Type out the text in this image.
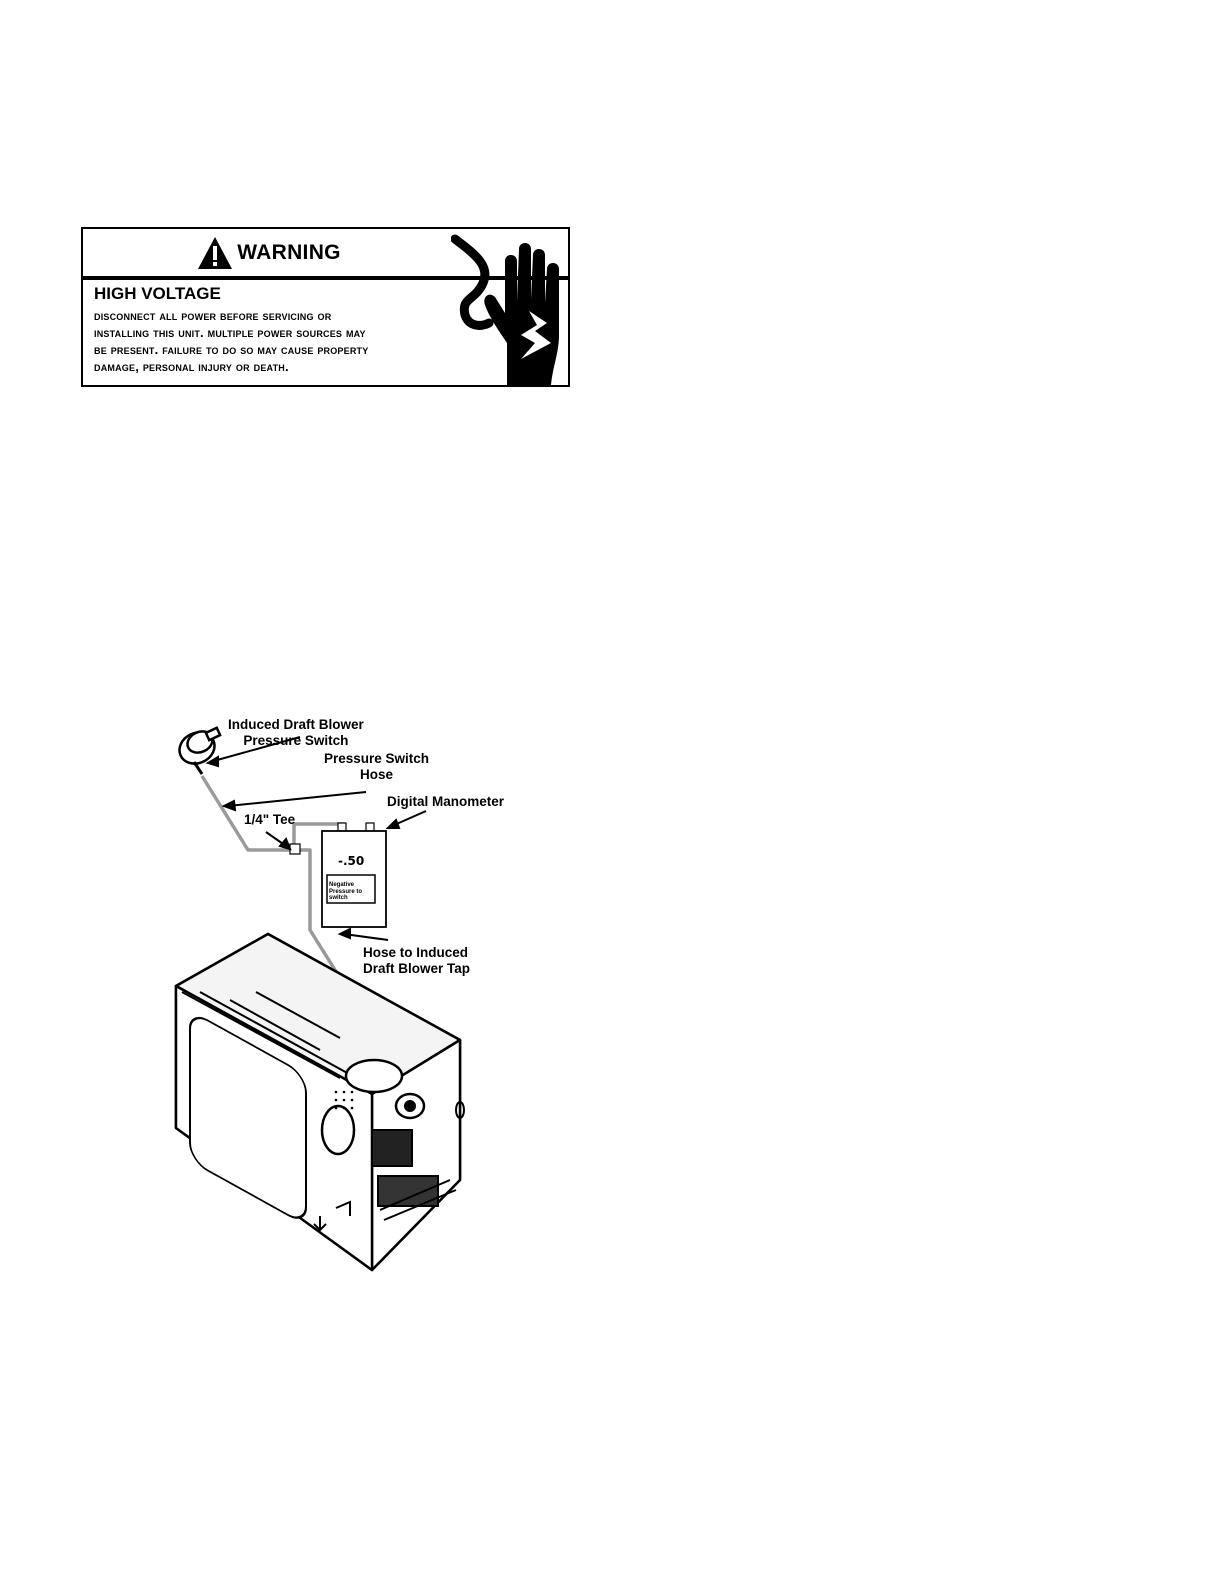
WARNING

HIGH VOLTAGE

disconnect all power before servicing or

installing this unit. multiple power sources may

be present. failure to do so may cause property

damage, personal injury or death.

Induced Draft Blower
Pressure Switch
Pressure Switch
Hose
Digital Manometer
1/4" Tee
Hose to Induced
Draft Blower Tap
-.50
Negative Pressure to switch
